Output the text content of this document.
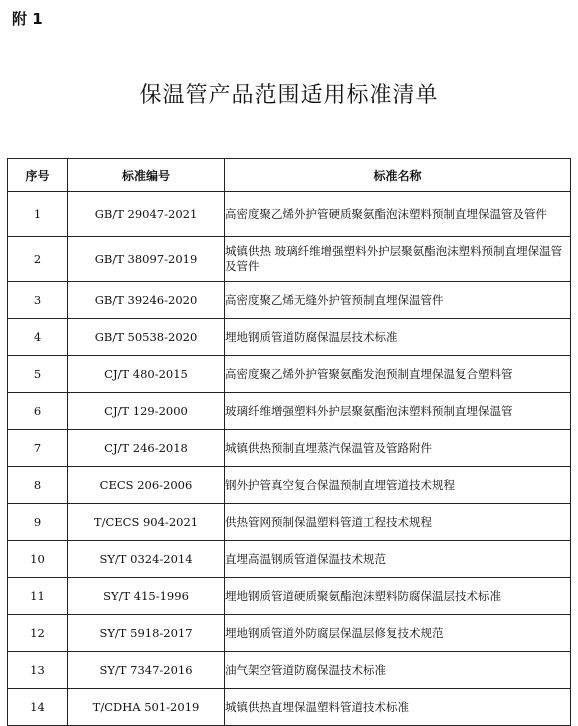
附 1
保温管产品范围适用标准清单
序号	标准编号	标准名称
1	GB/T 29047-2021	高密度聚乙烯外护管硬质聚氨酯泡沫塑料预制直埋保温管及管件
2	GB/T 38097-2019	城镇供热 玻璃纤维增强塑料外护层聚氨酯泡沫塑料预制直埋保温管及管件
3	GB/T 39246-2020	高密度聚乙烯无缝外护管预制直埋保温管件
4	GB/T 50538-2020	埋地钢质管道防腐保温层技术标准
5	CJ/T 480-2015	高密度聚乙烯外护管聚氨酯发泡预制直埋保温复合塑料管
6	CJ/T 129-2000	玻璃纤维增强塑料外护层聚氨酯泡沫塑料预制直埋保温管
7	CJ/T 246-2018	城镇供热预制直埋蒸汽保温管及管路附件
8	CECS 206-2006	钢外护管真空复合保温预制直埋管道技术规程
9	T/CECS 904-2021	供热管网预制保温塑料管道工程技术规程
10	SY/T 0324-2014	直埋高温钢质管道保温技术规范
11	SY/T 415-1996	埋地钢质管道硬质聚氨酯泡沫塑料防腐保温层技术标准
12	SY/T 5918-2017	埋地钢质管道外防腐层保温层修复技术规范
13	SY/T 7347-2016	油气架空管道防腐保温技术标准
14	T/CDHA 501-2019	城镇供热直埋保温塑料管道技术标准
